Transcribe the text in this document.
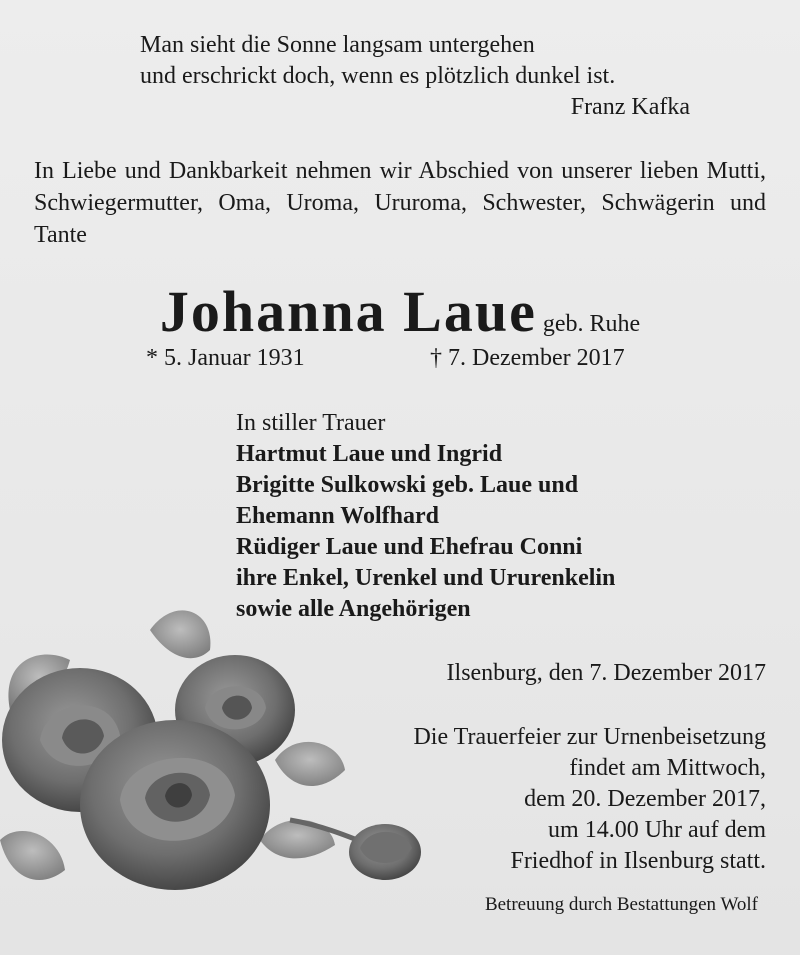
Man sieht die Sonne langsam untergehen
und erschrickt doch, wenn es plötzlich dunkel ist.
Franz Kafka
In Liebe und Dankbarkeit nehmen wir Abschied von unserer lieben Mutti, Schwiegermutter, Oma, Uroma, Ururoma, Schwester, Schwägerin und Tante
Johanna Laue geb. Ruhe
* 5. Januar 1931	† 7. Dezember 2017
In stiller Trauer
Hartmut Laue und Ingrid
Brigitte Sulkowski geb. Laue und
Ehemann Wolfhard
Rüdiger Laue und Ehefrau Conni
ihre Enkel, Urenkel und Ururenkelin
sowie alle Angehörigen
Ilsenburg, den 7. Dezember 2017
Die Trauerfeier zur Urnenbeisetzung
findet am Mittwoch,
dem 20. Dezember 2017,
um 14.00 Uhr auf dem
Friedhof in Ilsenburg statt.
Betreuung durch Bestattungen Wolf
